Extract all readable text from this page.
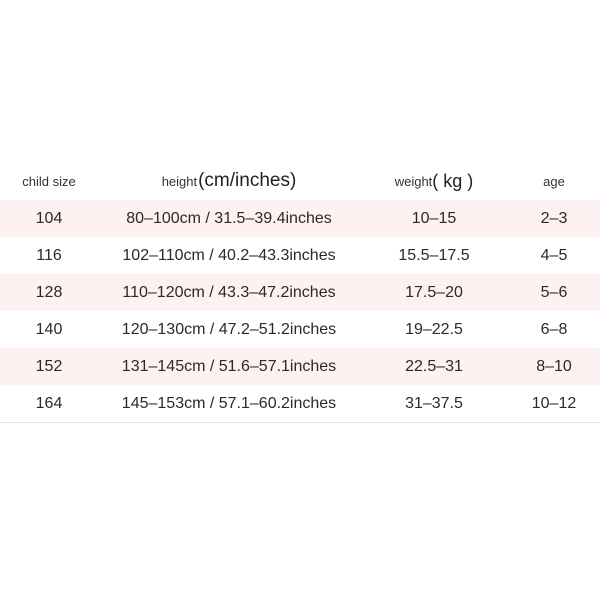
child size	height (cm/inches)	weight ( kg )	age
104	80–100cm / 31.5–39.4inches	10–15	2–3
116	102–110cm / 40.2–43.3inches	15.5–17.5	4–5
128	110–120cm / 43.3–47.2inches	17.5–20	5–6
140	120–130cm / 47.2–51.2inches	19–22.5	6–8
152	131–145cm / 51.6–57.1inches	22.5–31	8–10
164	145–153cm / 57.1–60.2inches	31–37.5	10–12
